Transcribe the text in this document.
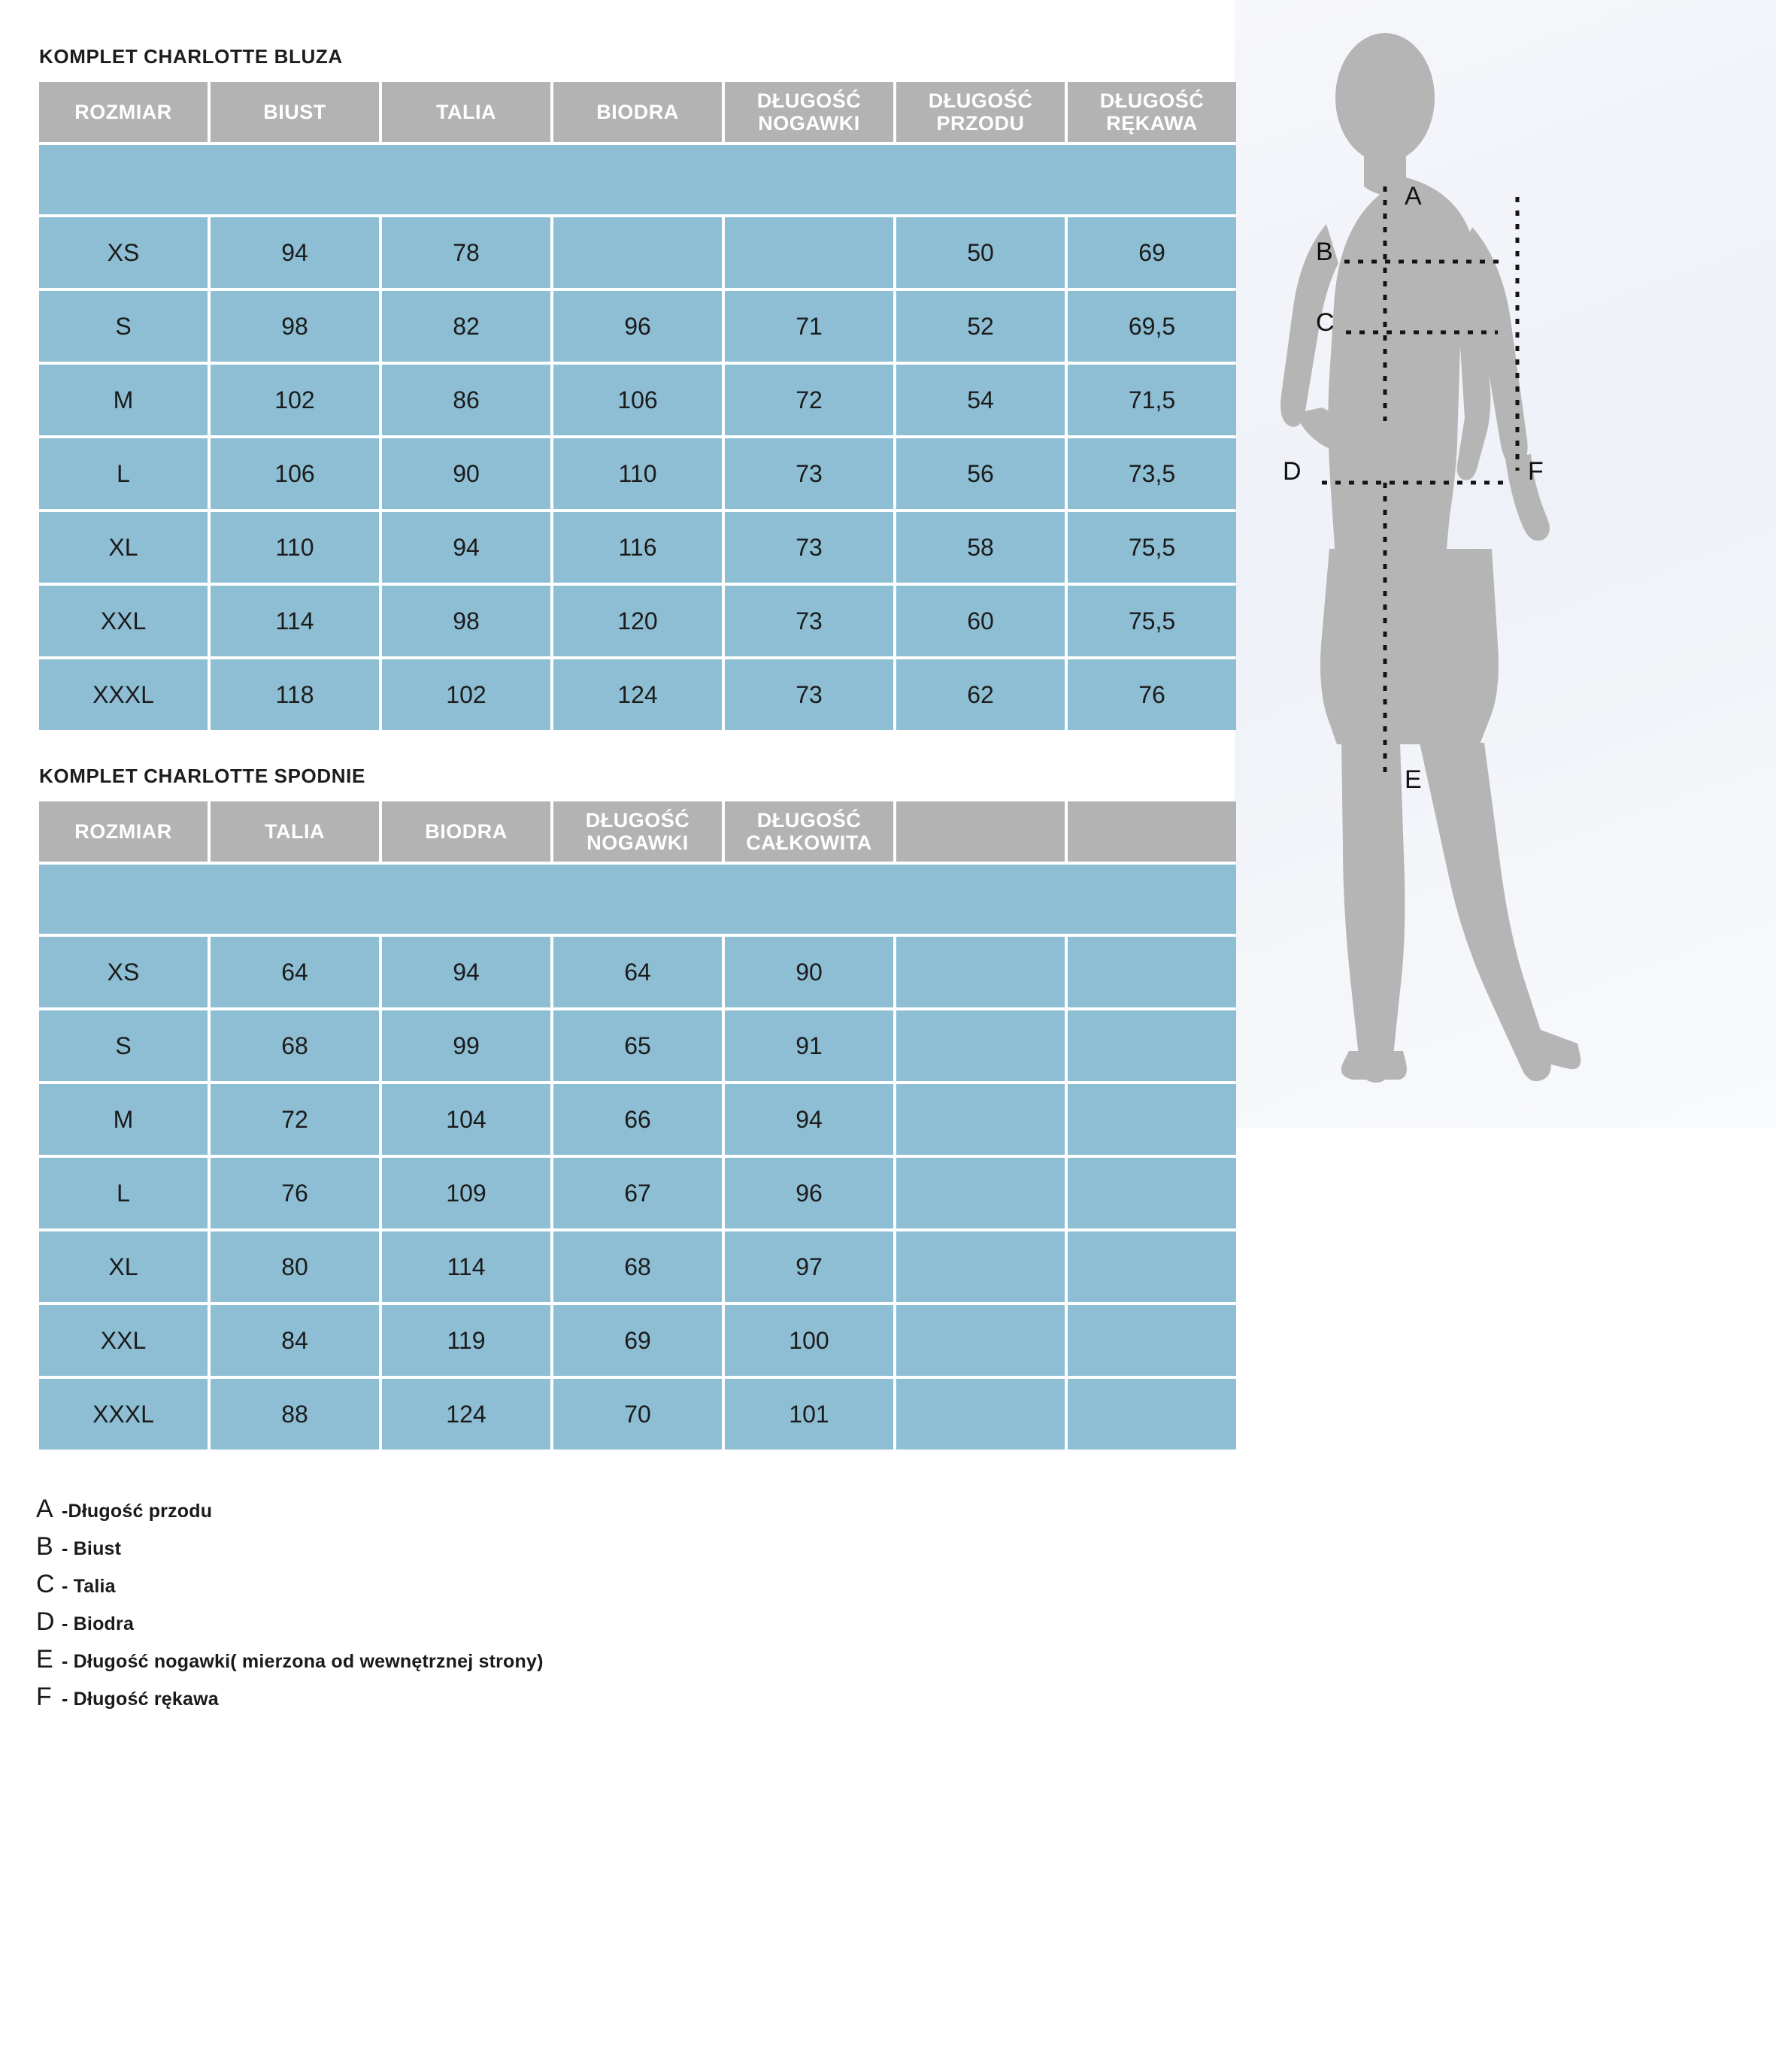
KOMPLET CHARLOTTE BLUZA
ROZMIAR	BIUST	TALIA	BIODRA	DŁUGOŚĆ NOGAWKI	DŁUGOŚĆ PRZODU	DŁUGOŚĆ RĘKAWA

XS	94	78			50	69
S	98	82	96	71	52	69,5
M	102	86	106	72	54	71,5
L	106	90	110	73	56	73,5
XL	110	94	116	73	58	75,5
XXL	114	98	120	73	60	75,5
XXXL	118	102	124	73	62	76
KOMPLET CHARLOTTE SPODNIE
ROZMIAR	TALIA	BIODRA	DŁUGOŚĆ NOGAWKI	DŁUGOŚĆ CAŁKOWITA		

XS	64	94	64	90		
S	68	99	65	91		
M	72	104	66	94		
L	76	109	67	96		
XL	80	114	68	97		
XXL	84	119	69	100		
XXXL	88	124	70	101		
A -Długość przodu
B - Biust
C - Talia
D - Biodra
E - Długość nogawki( mierzona od wewnętrznej strony)
F - Długość rękawa
A
B
C
D
E
F
